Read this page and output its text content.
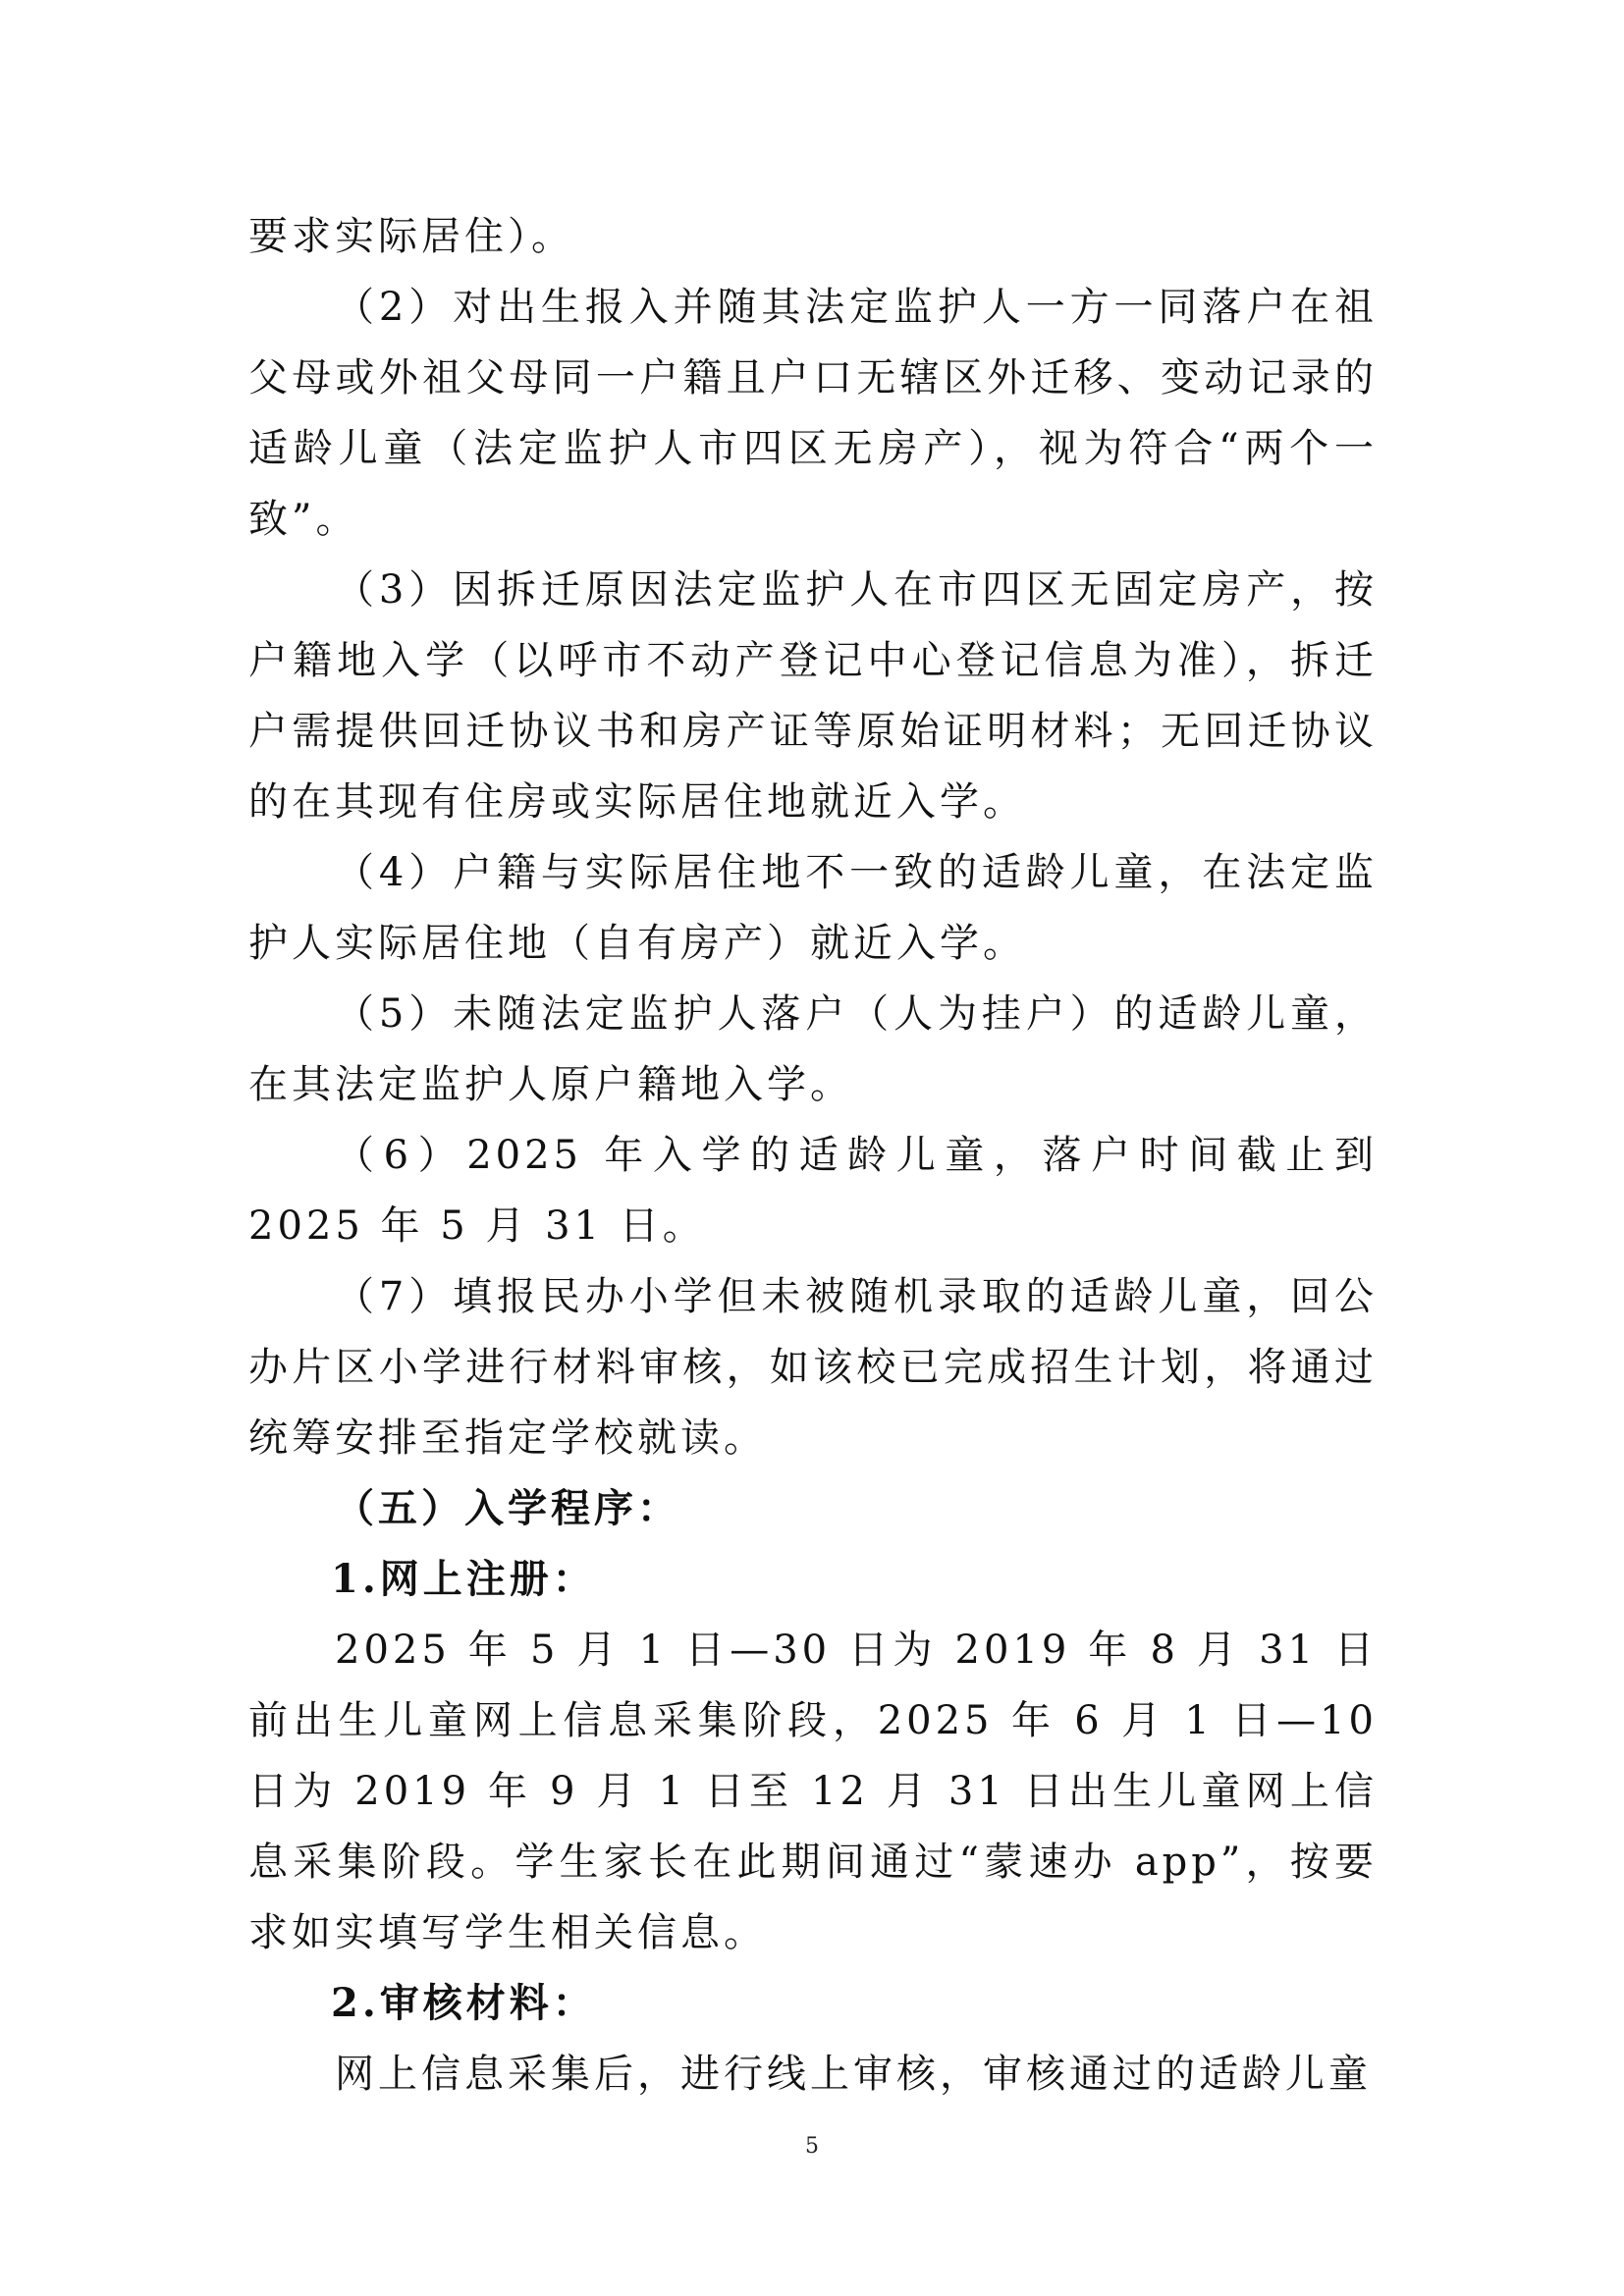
要求实际居住）。

（2）对出生报入并随其法定监护人一方一同落户在祖父母或外祖父母同一户籍且户口无辖区外迁移、变动记录的适龄儿童（法定监护人市四区无房产），视为符合“两个一致”。

（3）因拆迁原因法定监护人在市四区无固定房产，按户籍地入学（以呼市不动产登记中心登记信息为准），拆迁户需提供回迁协议书和房产证等原始证明材料；无回迁协议的在其现有住房或实际居住地就近入学。

（4）户籍与实际居住地不一致的适龄儿童，在法定监护人实际居住地（自有房产）就近入学。

（5）未随法定监护人落户（人为挂户）的适龄儿童，在其法定监护人原户籍地入学。

（6）2025 年入学的适龄儿童，落户时间截止到 2025 年 5 月 31 日。

（7）填报民办小学但未被随机录取的适龄儿童，回公办片区小学进行材料审核，如该校已完成招生计划，将通过统筹安排至指定学校就读。

（五）入学程序：

1.网上注册：

2025 年 5 月 1 日—30 日为 2019 年 8 月 31 日前出生儿童网上信息采集阶段，2025 年 6 月 1 日—10 日为 2019 年 9 月 1 日至 12 月 31 日出生儿童网上信息采集阶段。学生家长在此期间通过“蒙速办 app”，按要求如实填写学生相关信息。

2.审核材料：

网上信息采集后，进行线上审核，审核通过的适龄儿童

5
